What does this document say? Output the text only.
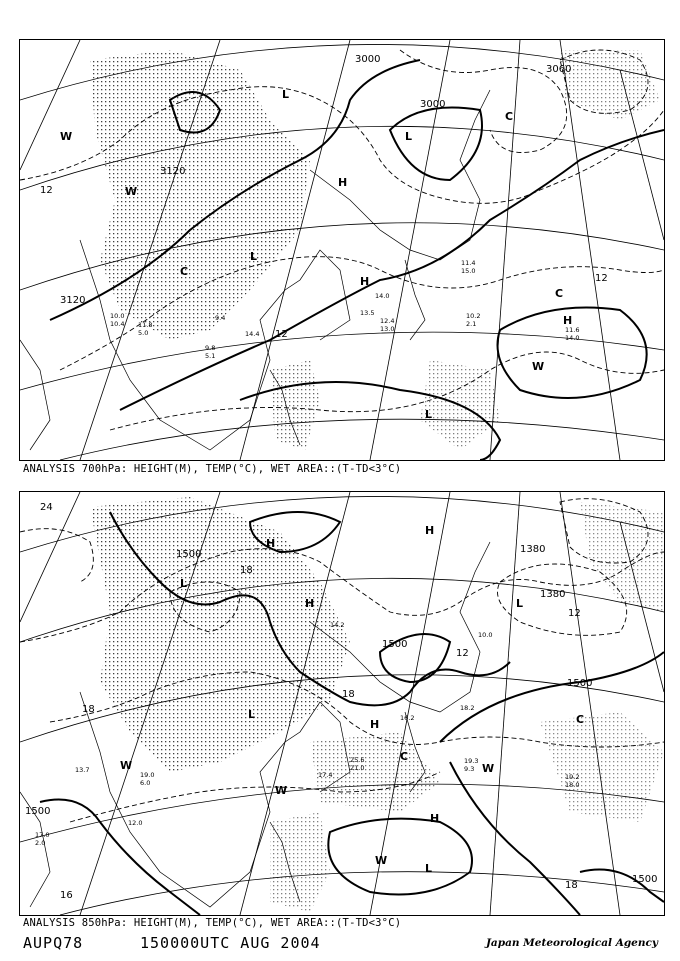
W
W
C
L
L
H
H
L
L
C
C
H
W
3000
3060
3120
3120
3000
12
12
12
10.2
2.1
11.6
14.0
11.4
15.0
14.0
13.5
12.4
13.0
11.8
10.0
9.8
5.1
10.4
5.0
9.4
14.4
ANALYSIS 700hPa: HEIGHT(M), TEMP(°C), WET AREA::(T-TD<3°C)
H
H
H
H
H
L
L
L
L
W
W
W
W
C
C
1500
1500
1500
1500
1500
1380
1380
24
18
18
18
18
12
12
16
18.2
16.2
25.6
21.0
17.4	19.2
18.0
19.3
9.3
19.0
6.0
17.0
2.0
12.0
13.7
14.2
10.0
ANALYSIS 850hPa: HEIGHT(M), TEMP(°C), WET AREA::(T-TD<3°C)
AUPQ78	150000UTC AUG 2004	Japan Meteorological Agency
